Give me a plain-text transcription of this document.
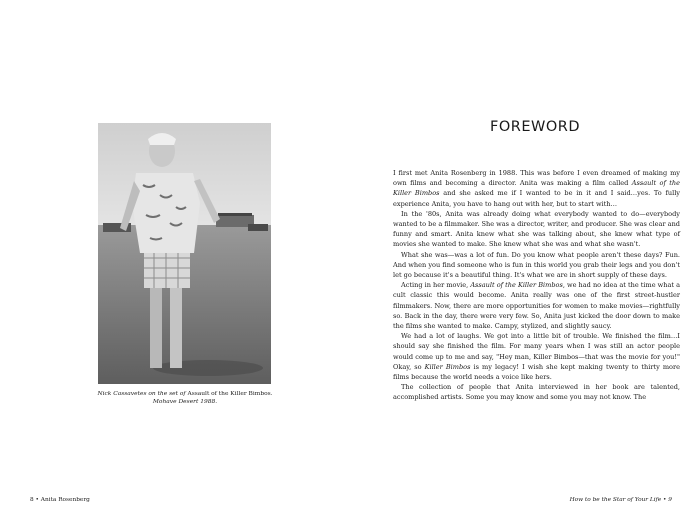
Nick Cassavetes on the set of Assault of the Killer Bimbos.
Mohave Desert 1988.
8 • Anita Rosenberg
FOREWORD

I first met Anita Rosenberg in 1988. This was before I even dreamed of making my own films and becoming a director. Anita was making a film called Assault of the Killer Bimbos and she asked me if I wanted to be in it and I said…yes. To fully experience Anita, you have to hang out with her, but to start with…

In the '80s, Anita was already doing what everybody wanted to do—everybody wanted to be a filmmaker. She was a director, writer, and producer. She was clear and funny and smart. Anita knew what she was talking about, she knew what type of movies she wanted to make. She knew what she was and what she wasn't.

What she was—was a lot of fun. Do you know what people aren't these days? Fun. And when you find someone who is fun in this world you grab their legs and you don't let go because it's a beautiful thing. It's what we are in short supply of these days.

Acting in her movie, Assault of the Killer Bimbos, we had no idea at the time what a cult classic this would become. Anita really was one of the first street-hustler filmmakers. Now, there are more opportunities for women to make movies—rightfully so. Back in the day, there were very few. So, Anita just kicked the door down to make the films she wanted to make. Campy, stylized, and slightly saucy.

We had a lot of laughs. We got into a little bit of trouble. We finished the film…I should say she finished the film. For many years when I was still an actor people would come up to me and say, "Hey man, Killer Bimbos—that was the movie for you!" Okay, so Killer Bimbos is my legacy! I wish she kept making twenty to thirty more films because the world needs a voice like hers.

The collection of people that Anita interviewed in her book are talented, accomplished artists. Some you may know and some you may not know. The

How to be the Star of Your Life • 9
